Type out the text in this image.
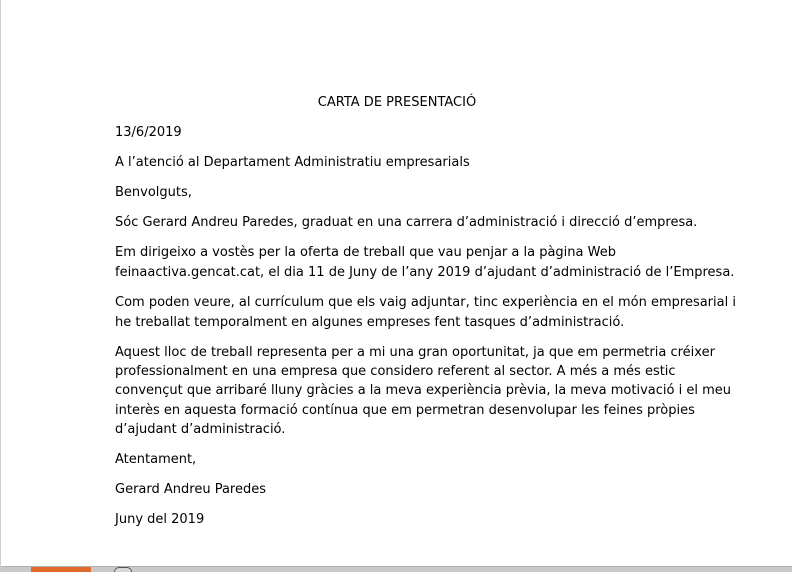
CARTA DE PRESENTACIÓ
13/6/2019
A l’atenció al Departament Administratiu empresarials
Benvolguts,
Sóc Gerard Andreu Paredes, graduat en una carrera d’administració i direcció d’empresa.
Em dirigeixo a vostès per la oferta de treball que vau penjar a la pàgina Web
feinaactiva.gencat.cat, el dia 11 de Juny de l’any 2019 d’ajudant d’administració de l’Empresa.
Com poden veure, al currículum que els vaig adjuntar, tinc experiència en el món empresarial i
he treballat temporalment en algunes empreses fent tasques d’administració.
Aquest lloc de treball representa per a mi una gran oportunitat, ja que em permetria créixer
professionalment en una empresa que considero referent al sector. A més a més estic
convençut que arribaré lluny gràcies a la meva experiència prèvia, la meva motivació i el meu
interès en aquesta formació contínua que em permetran desenvolupar les feines pròpies
d’ajudant d’administració.
Atentament,
Gerard Andreu Paredes
Juny del 2019
